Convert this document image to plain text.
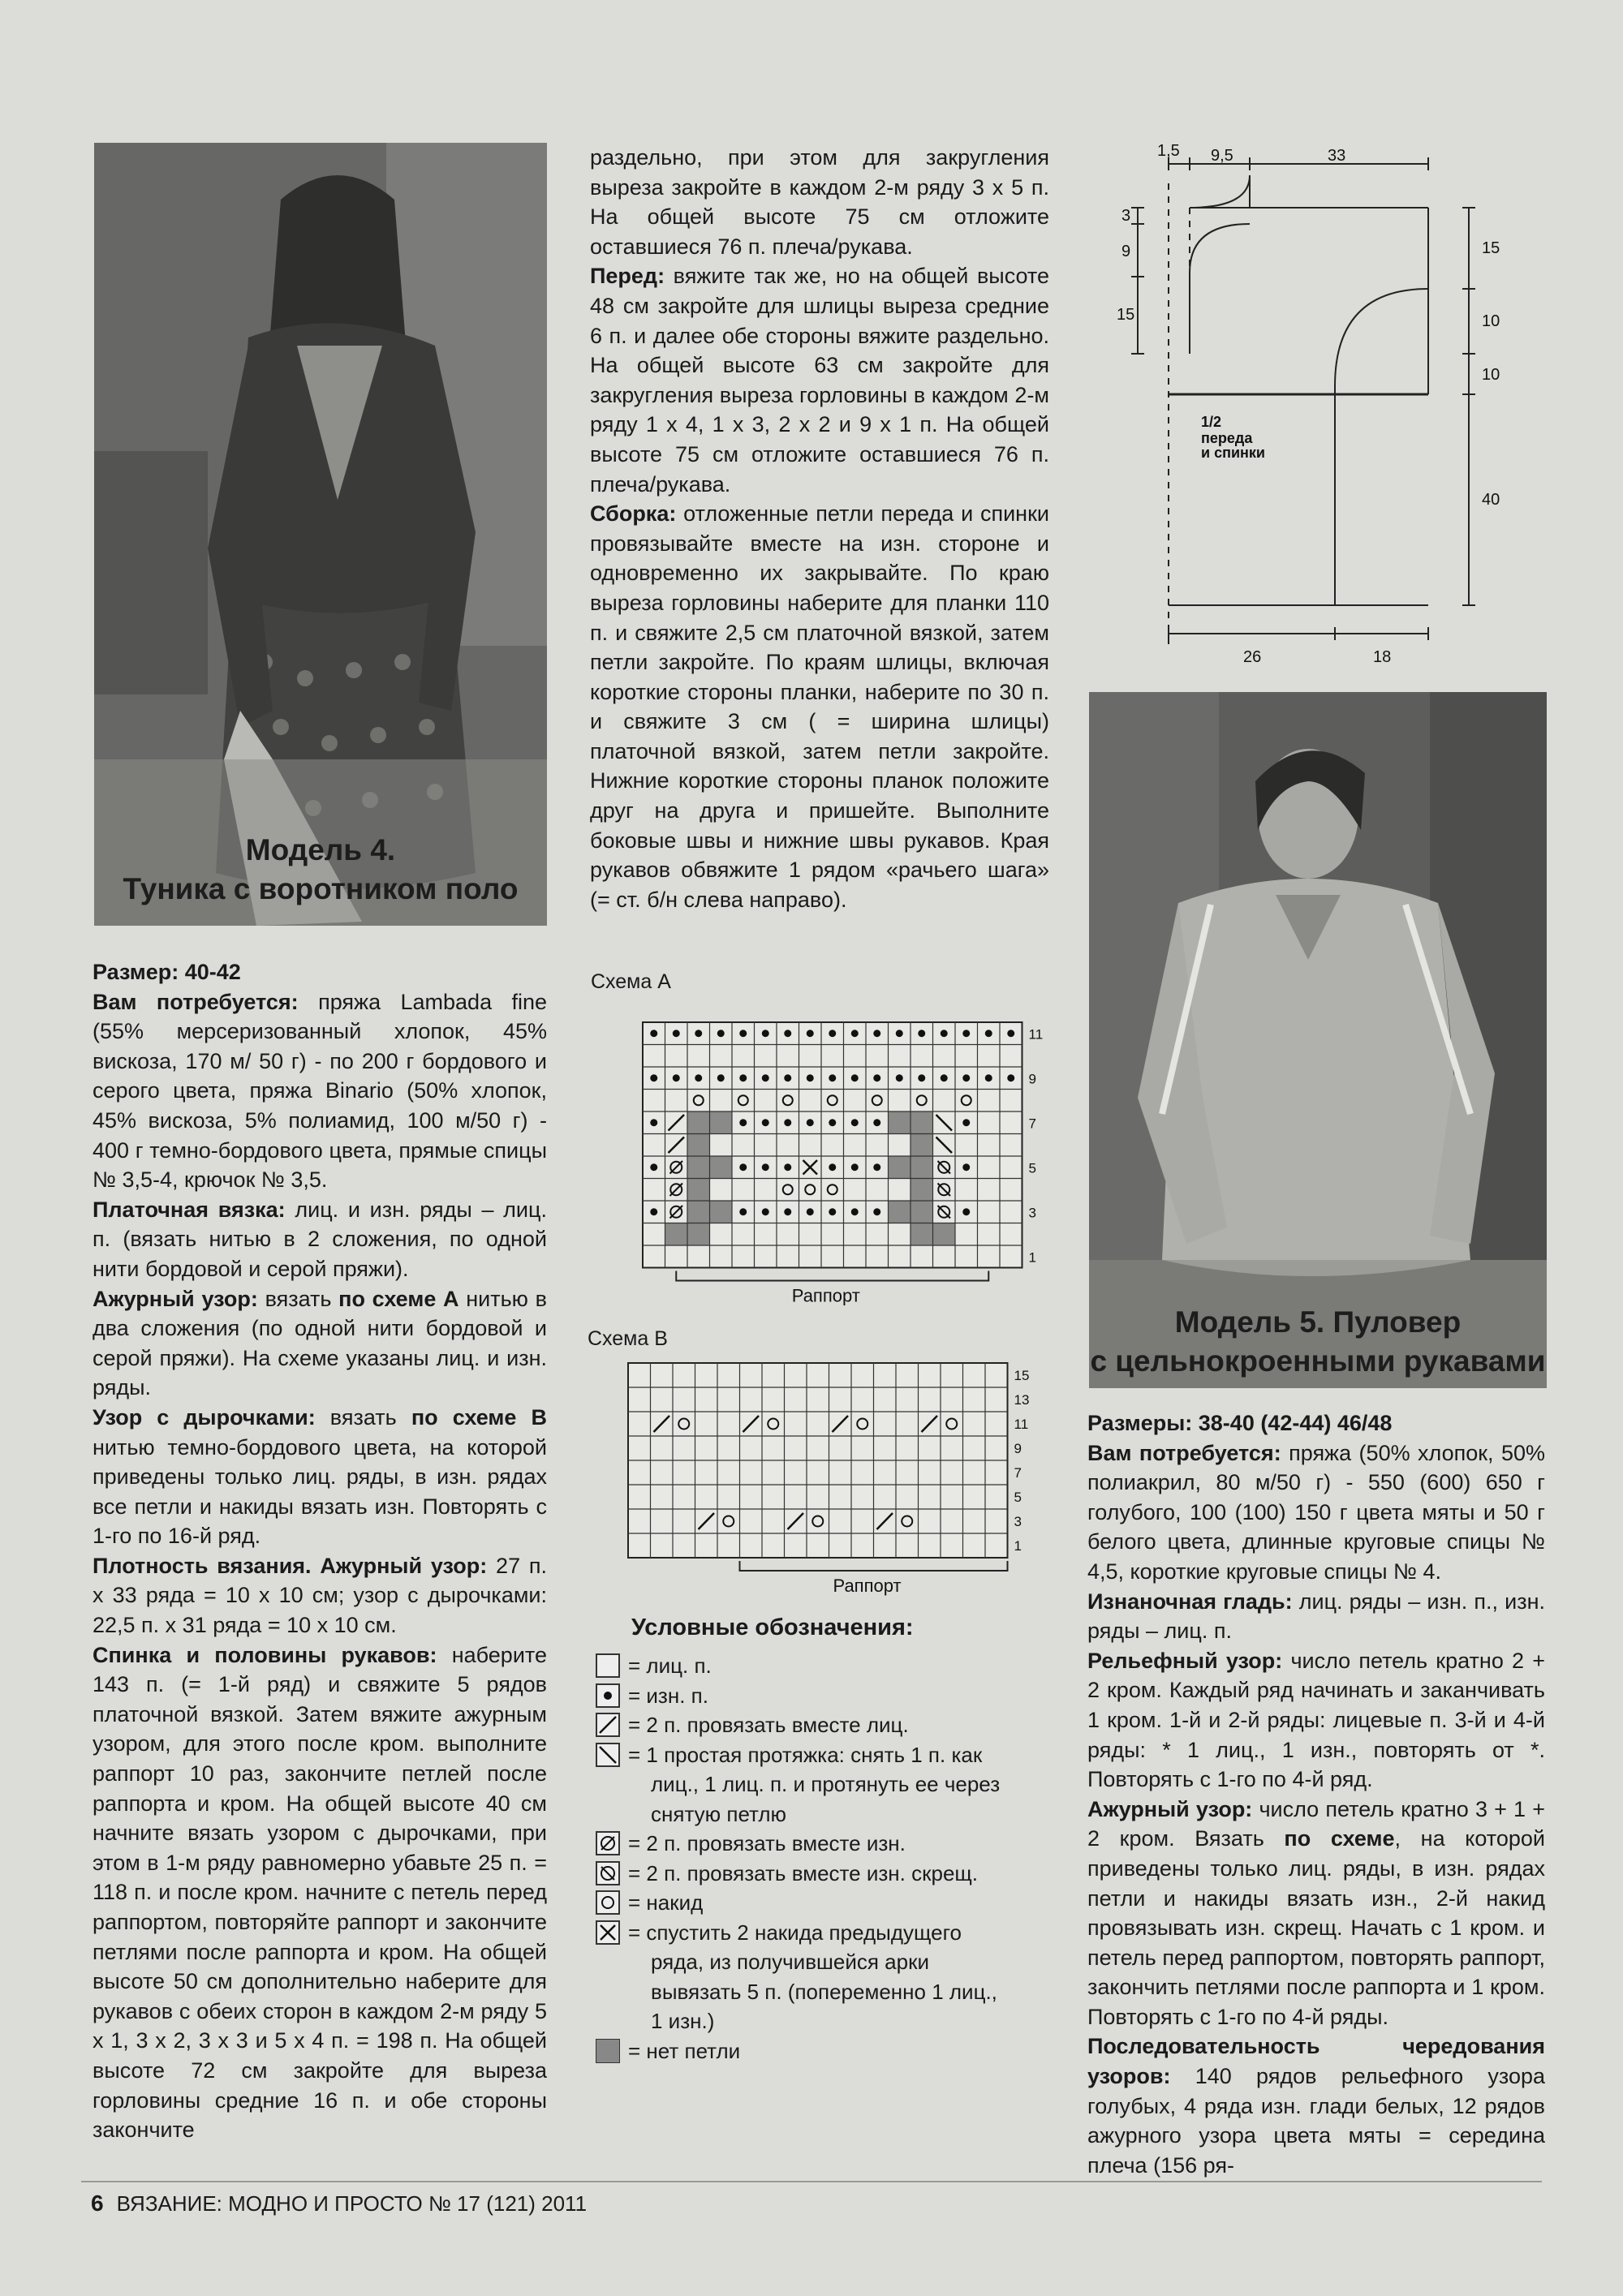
Модель 4.
Туника с воротником поло

Размер: 40-42

Вам потребуется: пряжа Lambada fine (55% мерсеризованный хлопок, 45% вискоза, 170 м/ 50 г) - по 200 г бордового и серого цвета, пряжа Binario (50% хлопок, 45% вискоза, 5% полиамид, 100 м/50 г) - 400 г темно-бордового цвета, прямые спицы № 3,5-4, крючок № 3,5.

Платочная вязка: лиц. и изн. ряды – лиц. п. (вязать нитью в 2 сложения, по одной нити бордовой и серой пряжи).

Ажурный узор: вязать по схеме А нитью в два сложения (по одной нити бордовой и серой пряжи). На схеме указаны лиц. и изн. ряды.

Узор с дырочками: вязать по схеме В нитью темно-бордового цвета, на которой приведены только лиц. ряды, в изн. рядах все петли и накиды вязать изн. Повторять с 1-го по 16-й ряд.

Плотность вязания. Ажурный узор: 27 п. х 33 ряда = 10 х 10 см; узор с дырочками: 22,5 п. х 31 ряда = 10 х 10 см.

Спинка и половины рукавов: наберите 143 п. (= 1-й ряд) и свяжите 5 рядов платочной вязкой. Затем вяжите ажурным узором, для этого после кром. выполните раппорт 10 раз, закончите петлей после раппорта и кром. На общей высоте 40 см начните вязать узором с дырочками, при этом в 1-м ряду равномерно убавьте 25 п. = 118 п. и после кром. начните с петель перед раппортом, повторяйте раппорт и закончите петлями после раппорта и кром. На общей высоте 50 см дополнительно наберите для рукавов с обеих сторон в каждом 2-м ряду 5 х 1, 3 х 2, 3 х 3 и 5 х 4 п. = 198 п. На общей высоте 72 см закройте для выреза горловины средние 16 п. и обе стороны закончите

раздельно, при этом для закругления выреза закройте в каждом 2-м ряду 3 х 5 п. На общей высоте 75 см отложите оставшиеся 76 п. плеча/рукава.

Перед: вяжите так же, но на общей высоте 48 см закройте для шлицы выреза средние 6 п. и далее обе стороны вяжите раздельно. На общей высоте 63 см закройте для закругления выреза горловины в каждом 2-м ряду 1 х 4, 1 х 3, 2 х 2 и 9 х 1 п. На общей высоте 75 см отложите оставшиеся 76 п. плеча/рукава.

Сборка: отложенные петли переда и спинки провязывайте вместе на изн. стороне и одновременно их закрывайте. По краю выреза горловины наберите для планки 110 п. и свяжите 2,5 см платочной вязкой, затем петли закройте. По краям шлицы, включая короткие стороны планки, наберите по 30 п. и свяжите 3 см ( = ширина шлицы) платочной вязкой, затем петли закройте. Нижние короткие стороны планок положите друг на друга и пришейте. Выполните боковые швы и нижние швы рукавов. Края рукавов обвяжите 1 рядом «рачьего шага» (= ст. б/н слева направо).

Схема А
11
9
7
5
3
1
Раппорт
Схема В
15
13
11
9
7
5
3
1
Раппорт
Условные обозначения:
= лиц. п.
= изн. п.
= 2 п. провязать вместе лиц.
= 1 простая протяжка: снять 1 п. как
лиц., 1 лиц. п. и протянуть ее через
снятую петлю
= 2 п. провязать вместе изн.
= 2 п. провязать вместе изн. скрещ.
= накид
= спустить 2 накида предыдущего
ряда, из получившейся арки
вывязать 5 п. (попеременно 1 лиц.,
1 изн.)
= нет петли
1,5 9,5	33
3
9
15
15
10
10
40
26	18
1/2
переда
и спинки
Модель 5. Пуловер
с цельнокроенными рукавами

Размеры: 38-40 (42-44) 46/48

Вам потребуется: пряжа (50% хлопок, 50% полиакрил, 80 м/50 г) - 550 (600) 650 г голубого, 100 (100) 150 г цвета мяты и 50 г белого цвета, длинные круговые спицы № 4,5, короткие круговые спицы № 4.

Изнаночная гладь: лиц. ряды – изн. п., изн. ряды – лиц. п.

Рельефный узор: число петель кратно 2 + 2 кром. Каждый ряд начинать и заканчивать 1 кром. 1-й и 2-й ряды: лицевые п. 3-й и 4-й ряды: * 1 лиц., 1 изн., повторять от *. Повторять с 1-го по 4-й ряд.

Ажурный узор: число петель кратно 3 + 1 + 2 кром. Вязать по схеме, на которой приведены только лиц. ряды, в изн. рядах петли и накиды вязать изн., 2-й накид провязывать изн. скрещ. Начать с 1 кром. и петель перед раппортом, повторять раппорт, закончить петлями после раппорта и 1 кром. Повторять с 1-го по 4-й ряды.

Последовательность чередования узоров: 140 рядов рельефного узора голубых, 4 ряда изн. глади белых, 12 рядов ажурного узора цвета мяты = середина плеча (156 ря-

6 ВЯЗАНИЕ: МОДНО И ПРОСТО № 17 (121) 2011
